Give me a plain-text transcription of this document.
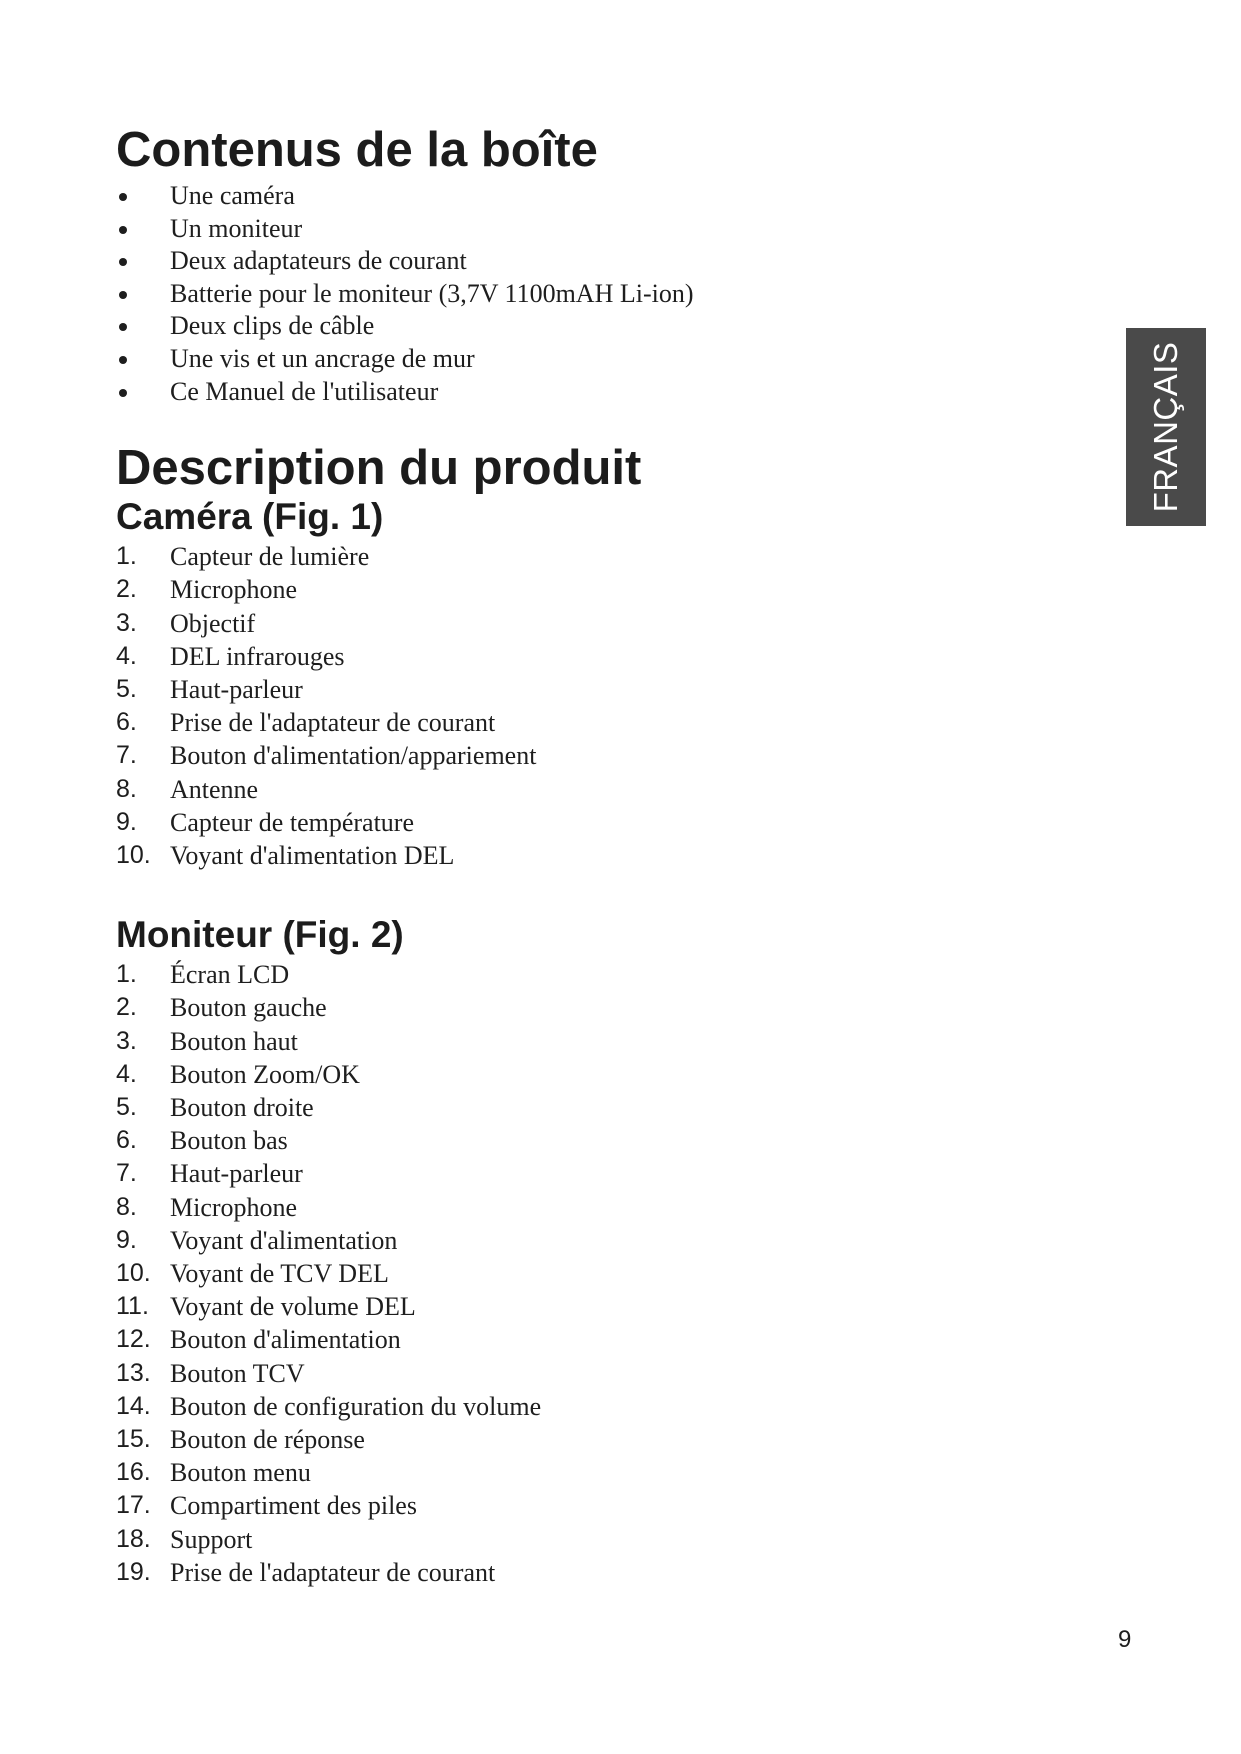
Contenus de la boîte
Une caméra
Un moniteur
Deux adaptateurs de courant
Batterie pour le moniteur (3,7V 1100mAH Li-ion)
Deux clips de câble
Une vis et un ancrage de mur
Ce Manuel de l'utilisateur
Description du produit
Caméra (Fig. 1)
1. Capteur de lumière
2. Microphone
3. Objectif
4. DEL infrarouges
5. Haut-parleur
6. Prise de l'adaptateur de courant
7. Bouton d'alimentation/appariement
8. Antenne
9. Capteur de température
10. Voyant d'alimentation DEL
Moniteur (Fig. 2)
1. Écran LCD
2. Bouton gauche
3. Bouton haut
4. Bouton Zoom/OK
5. Bouton droite
6. Bouton bas
7. Haut-parleur
8. Microphone
9. Voyant d'alimentation
10. Voyant de TCV DEL
11. Voyant de volume DEL
12. Bouton d'alimentation
13. Bouton TCV
14. Bouton de configuration du volume
15. Bouton de réponse
16. Bouton menu
17. Compartiment des piles
18. Support
19. Prise de l'adaptateur de courant
FRANÇAIS
9
